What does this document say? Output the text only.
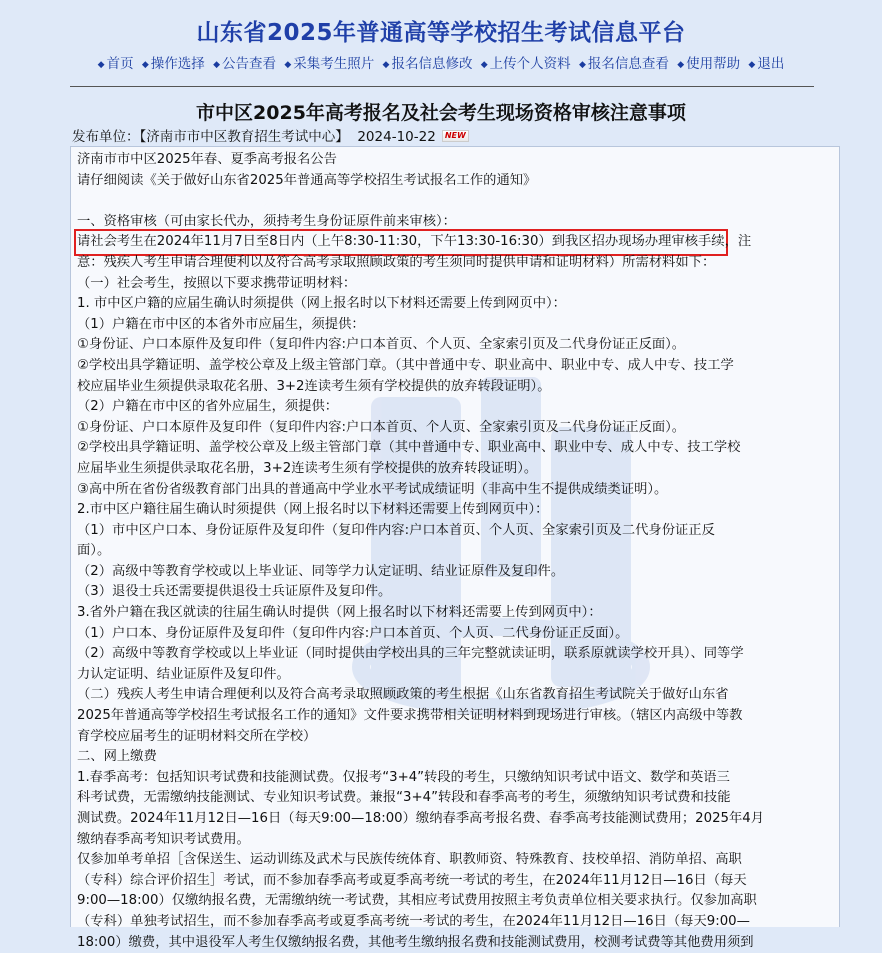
山东省2025年普通高等学校招生考试信息平台
◆ 首页 ◆ 操作选择 ◆ 公告查看 ◆ 采集考生照片 ◆ 报名信息修改 ◆ 上传个人资料 ◆ 报名信息查看 ◆ 使用帮助 ◆ 退出
市中区2025年高考报名及社会考生现场资格审核注意事项
发布单位：【济南市市中区教育招生考试中心】 2024-10-22 NEW
济南市市中区2025年春、夏季高考报名公告
请仔细阅读《关于做好山东省2025年普通高等学校招生考试报名工作的通知》

一、资格审核（可由家长代办，须持考生身份证原件前来审核）：
请社会考生在2024年11月7日至8日内（上午8:30-11:30，下午13:30-16:30）到我区招办现场办理审核手续，注
意：残疾人考生申请合理便利以及符合高考录取照顾政策的考生须同时提供申请和证明材料）所需材料如下：
（一）社会考生，按照以下要求携带证明材料：
1. 市中区户籍的应届生确认时须提供（网上报名时以下材料还需要上传到网页中）：
（1）户籍在市中区的本省外市应届生，须提供：
①身份证、户口本原件及复印件（复印件内容:户口本首页、个人页、全家索引页及二代身份证正反面）。
②学校出具学籍证明、盖学校公章及上级主管部门章。（其中普通中专、职业高中、职业中专、成人中专、技工学
校应届毕业生须提供录取花名册、3+2连读考生须有学校提供的放弃转段证明）。
（2）户籍在市中区的省外应届生，须提供：
①身份证、户口本原件及复印件（复印件内容:户口本首页、个人页、全家索引页及二代身份证正反面）。
②学校出具学籍证明、盖学校公章及上级主管部门章（其中普通中专、职业高中、职业中专、成人中专、技工学校
应届毕业生须提供录取花名册，3+2连读考生须有学校提供的放弃转段证明）。
③高中所在省份省级教育部门出具的普通高中学业水平考试成绩证明（非高中生不提供成绩类证明）。
2.市中区户籍往届生确认时须提供（网上报名时以下材料还需要上传到网页中）：
（1）市中区户口本、身份证原件及复印件（复印件内容:户口本首页、个人页、全家索引页及二代身份证正反
面）。
（2）高级中等教育学校或以上毕业证、同等学力认定证明、结业证原件及复印件。
（3）退役士兵还需要提供退役士兵证原件及复印件。
3.省外户籍在我区就读的往届生确认时提供（网上报名时以下材料还需要上传到网页中）：
（1）户口本、身份证原件及复印件（复印件内容:户口本首页、个人页、二代身份证正反面）。
（2）高级中等教育学校或以上毕业证（同时提供由学校出具的三年完整就读证明，联系原就读学校开具）、同等学
力认定证明、结业证原件及复印件。
（二）残疾人考生申请合理便利以及符合高考录取照顾政策的考生根据《山东省教育招生考试院关于做好山东省
2025年普通高等学校招生考试报名工作的通知》文件要求携带相关证明材料到现场进行审核。（辖区内高级中等教
育学校应届考生的证明材料交所在学校）
二、网上缴费
1.春季高考：包括知识考试费和技能测试费。仅报考“3+4”转段的考生，只缴纳知识考试中语文、数学和英语三
科考试费，无需缴纳技能测试、专业知识考试费。兼报“3+4”转段和春季高考的考生，须缴纳知识考试费和技能
测试费。2024年11月12日—16日（每天9:00—18:00）缴纳春季高考报名费、春季高考技能测试费用；2025年4月
缴纳春季高考知识考试费用。
仅参加单考单招［含保送生、运动训练及武术与民族传统体育、职教师资、特殊教育、技校单招、消防单招、高职
（专科）综合评价招生］考试，而不参加春季高考或夏季高考统一考试的考生，在2024年11月12日—16日（每天
9:00—18:00）仅缴纳报名费，无需缴纳统一考试费，其相应考试费用按照主考负责单位相关要求执行。仅参加高职
（专科）单独考试招生，而不参加春季高考或夏季高考统一考试的考生，在2024年11月12日—16日（每天9:00—
18:00）缴费，其中退役军人考生仅缴纳报名费，其他考生缴纳报名费和技能测试费用，校测考试费等其他费用须到
